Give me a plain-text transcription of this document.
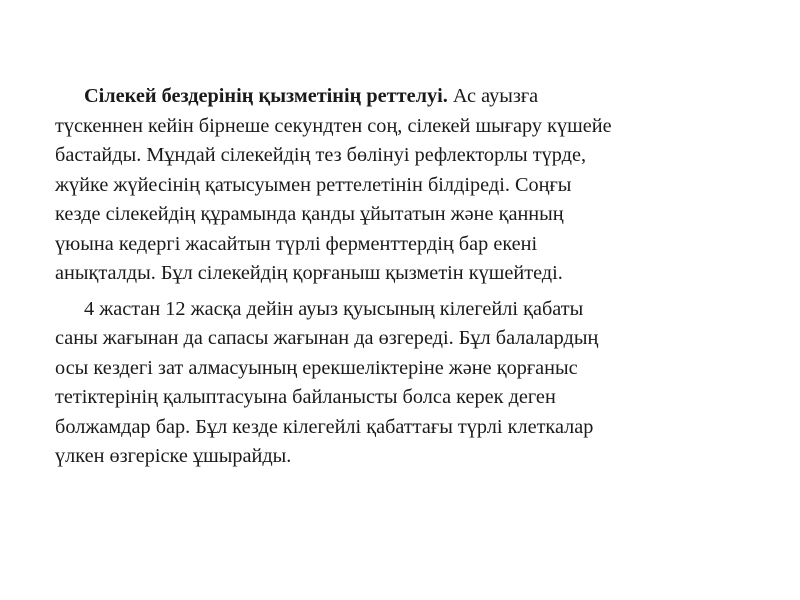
Сілекей бездерінің қызметінің реттелуі. Ас ауызға
түскеннен кейін бірнеше секундтен соң, сілекей шығару күшейе
бастайды. Мұндай сілекейдің тез бөлінуі рефлекторлы түрде,
жүйке жүйесінің қатысуымен реттелетінін білдіреді. Соңғы
кезде сілекейдің құрамында қанды ұйытатын және қанның
үюына кедергі жасайтын түрлі ферменттердің бар екені
анықталды. Бұл сілекейдің қорғаныш қызметін күшейтеді.

4 жастан 12 жасқа дейін ауыз қуысының кілегейлі қабаты
саны жағынан да сапасы жағынан да өзгереді. Бұл балалардың
осы кездегі зат алмасуының ерекшеліктеріне және қорғаныс
тетіктерінің қалыптасуына байланысты болса керек деген
болжамдар бар. Бұл кезде кілегейлі қабаттағы түрлі клеткалар
үлкен өзгеріске ұшырайды.
